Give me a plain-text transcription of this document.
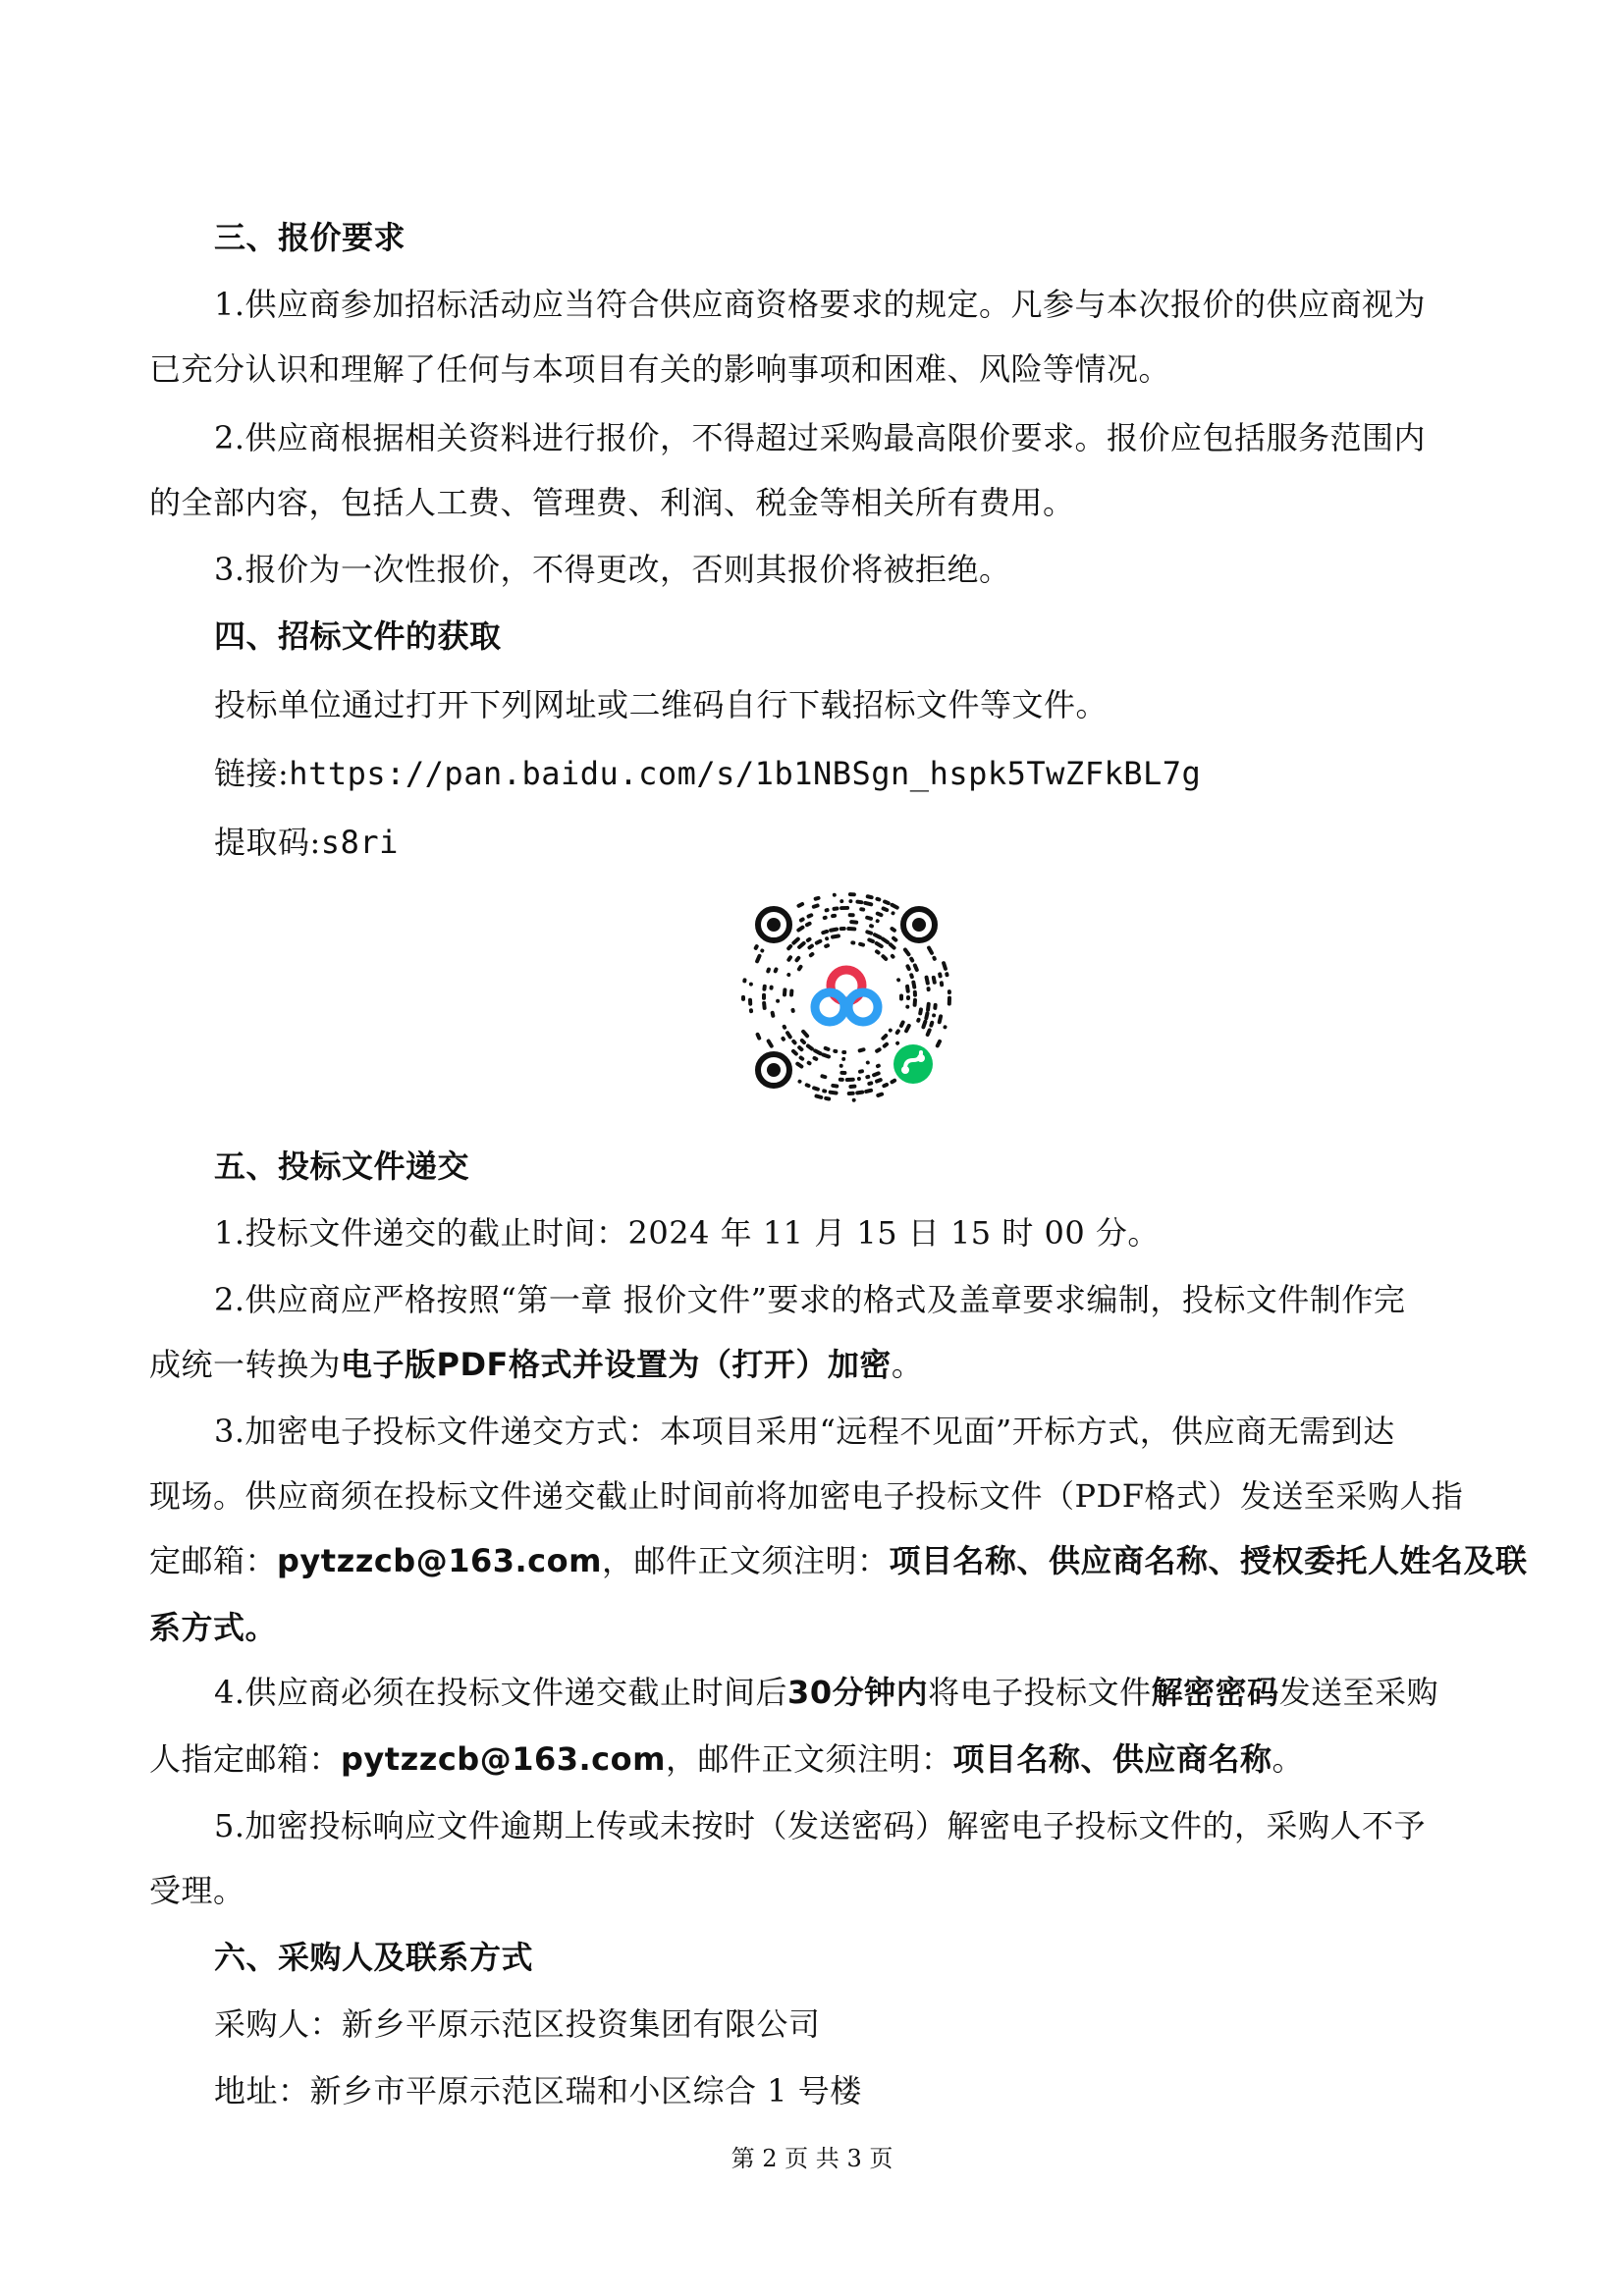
三、报价要求
1.供应商参加招标活动应当符合供应商资格要求的规定。凡参与本次报价的供应商视为
已充分认识和理解了任何与本项目有关的影响事项和困难、风险等情况。
2.供应商根据相关资料进行报价，不得超过采购最高限价要求。报价应包括服务范围内
的全部内容，包括人工费、管理费、利润、税金等相关所有费用。
3.报价为一次性报价，不得更改，否则其报价将被拒绝。
四、招标文件的获取
投标单位通过打开下列网址或二维码自行下载招标文件等文件。
链接:https://pan.baidu.com/s/1b1NBSgn_hspk5TwZFkBL7g
提取码:s8ri
五、投标文件递交
1.投标文件递交的截止时间：2024 年 11 月 15 日 15 时 00 分。
2.供应商应严格按照“第一章 报价文件”要求的格式及盖章要求编制，投标文件制作完
成统一转换为电子版PDF格式并设置为（打开）加密。
3.加密电子投标文件递交方式：本项目采用“远程不见面”开标方式，供应商无需到达
现场。供应商须在投标文件递交截止时间前将加密电子投标文件（PDF格式）发送至采购人指
定邮箱：pytzzcb@163.com，邮件正文须注明：项目名称、供应商名称、授权委托人姓名及联
系方式。
4.供应商必须在投标文件递交截止时间后30分钟内将电子投标文件解密密码发送至采购
人指定邮箱：pytzzcb@163.com，邮件正文须注明：项目名称、供应商名称。
5.加密投标响应文件逾期上传或未按时（发送密码）解密电子投标文件的，采购人不予
受理。
六、采购人及联系方式
采购人：新乡平原示范区投资集团有限公司
地址：新乡市平原示范区瑞和小区综合 1 号楼
第 2 页 共 3 页
